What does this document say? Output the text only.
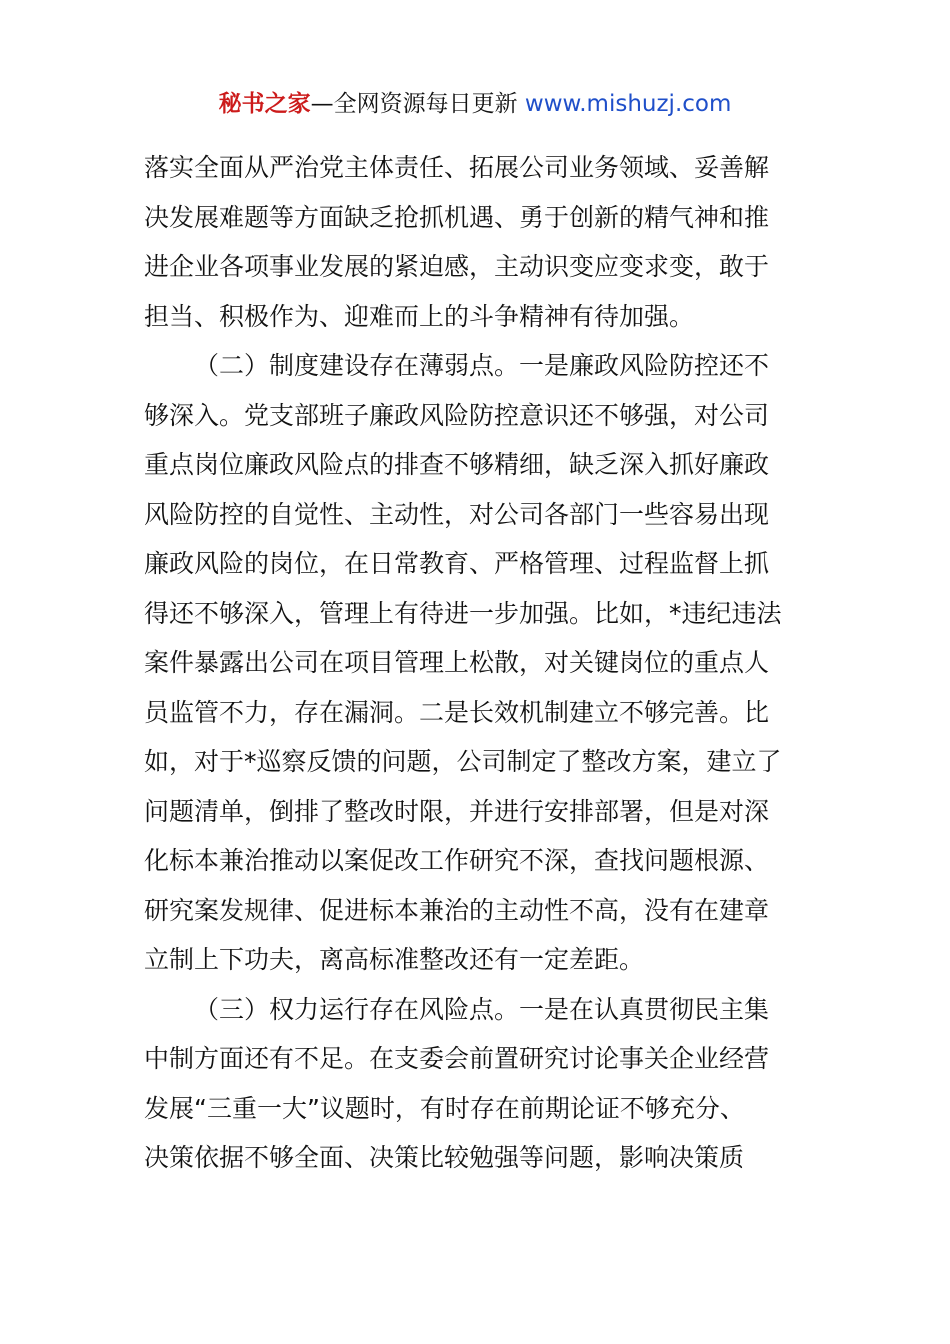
秘书之家—全网资源每日更新 www.mishuzj.com
落实全面从严治党主体责任、拓展公司业务领域、妥善解
决发展难题等方面缺乏抢抓机遇、勇于创新的精气神和推
进企业各项事业发展的紧迫感，主动识变应变求变，敢于
担当、积极作为、迎难而上的斗争精神有待加强。
（二）制度建设存在薄弱点。一是廉政风险防控还不
够深入。党支部班子廉政风险防控意识还不够强，对公司
重点岗位廉政风险点的排查不够精细，缺乏深入抓好廉政
风险防控的自觉性、主动性，对公司各部门一些容易出现
廉政风险的岗位，在日常教育、严格管理、过程监督上抓
得还不够深入，管理上有待进一步加强。比如，*违纪违法
案件暴露出公司在项目管理上松散，对关键岗位的重点人
员监管不力，存在漏洞。二是长效机制建立不够完善。比
如，对于*巡察反馈的问题，公司制定了整改方案，建立了
问题清单，倒排了整改时限，并进行安排部署，但是对深
化标本兼治推动以案促改工作研究不深，查找问题根源、
研究案发规律、促进标本兼治的主动性不高，没有在建章
立制上下功夫，离高标准整改还有一定差距。
（三）权力运行存在风险点。一是在认真贯彻民主集
中制方面还有不足。在支委会前置研究讨论事关企业经营
发展“三重一大”议题时，有时存在前期论证不够充分、
决策依据不够全面、决策比较勉强等问题，影响决策质
